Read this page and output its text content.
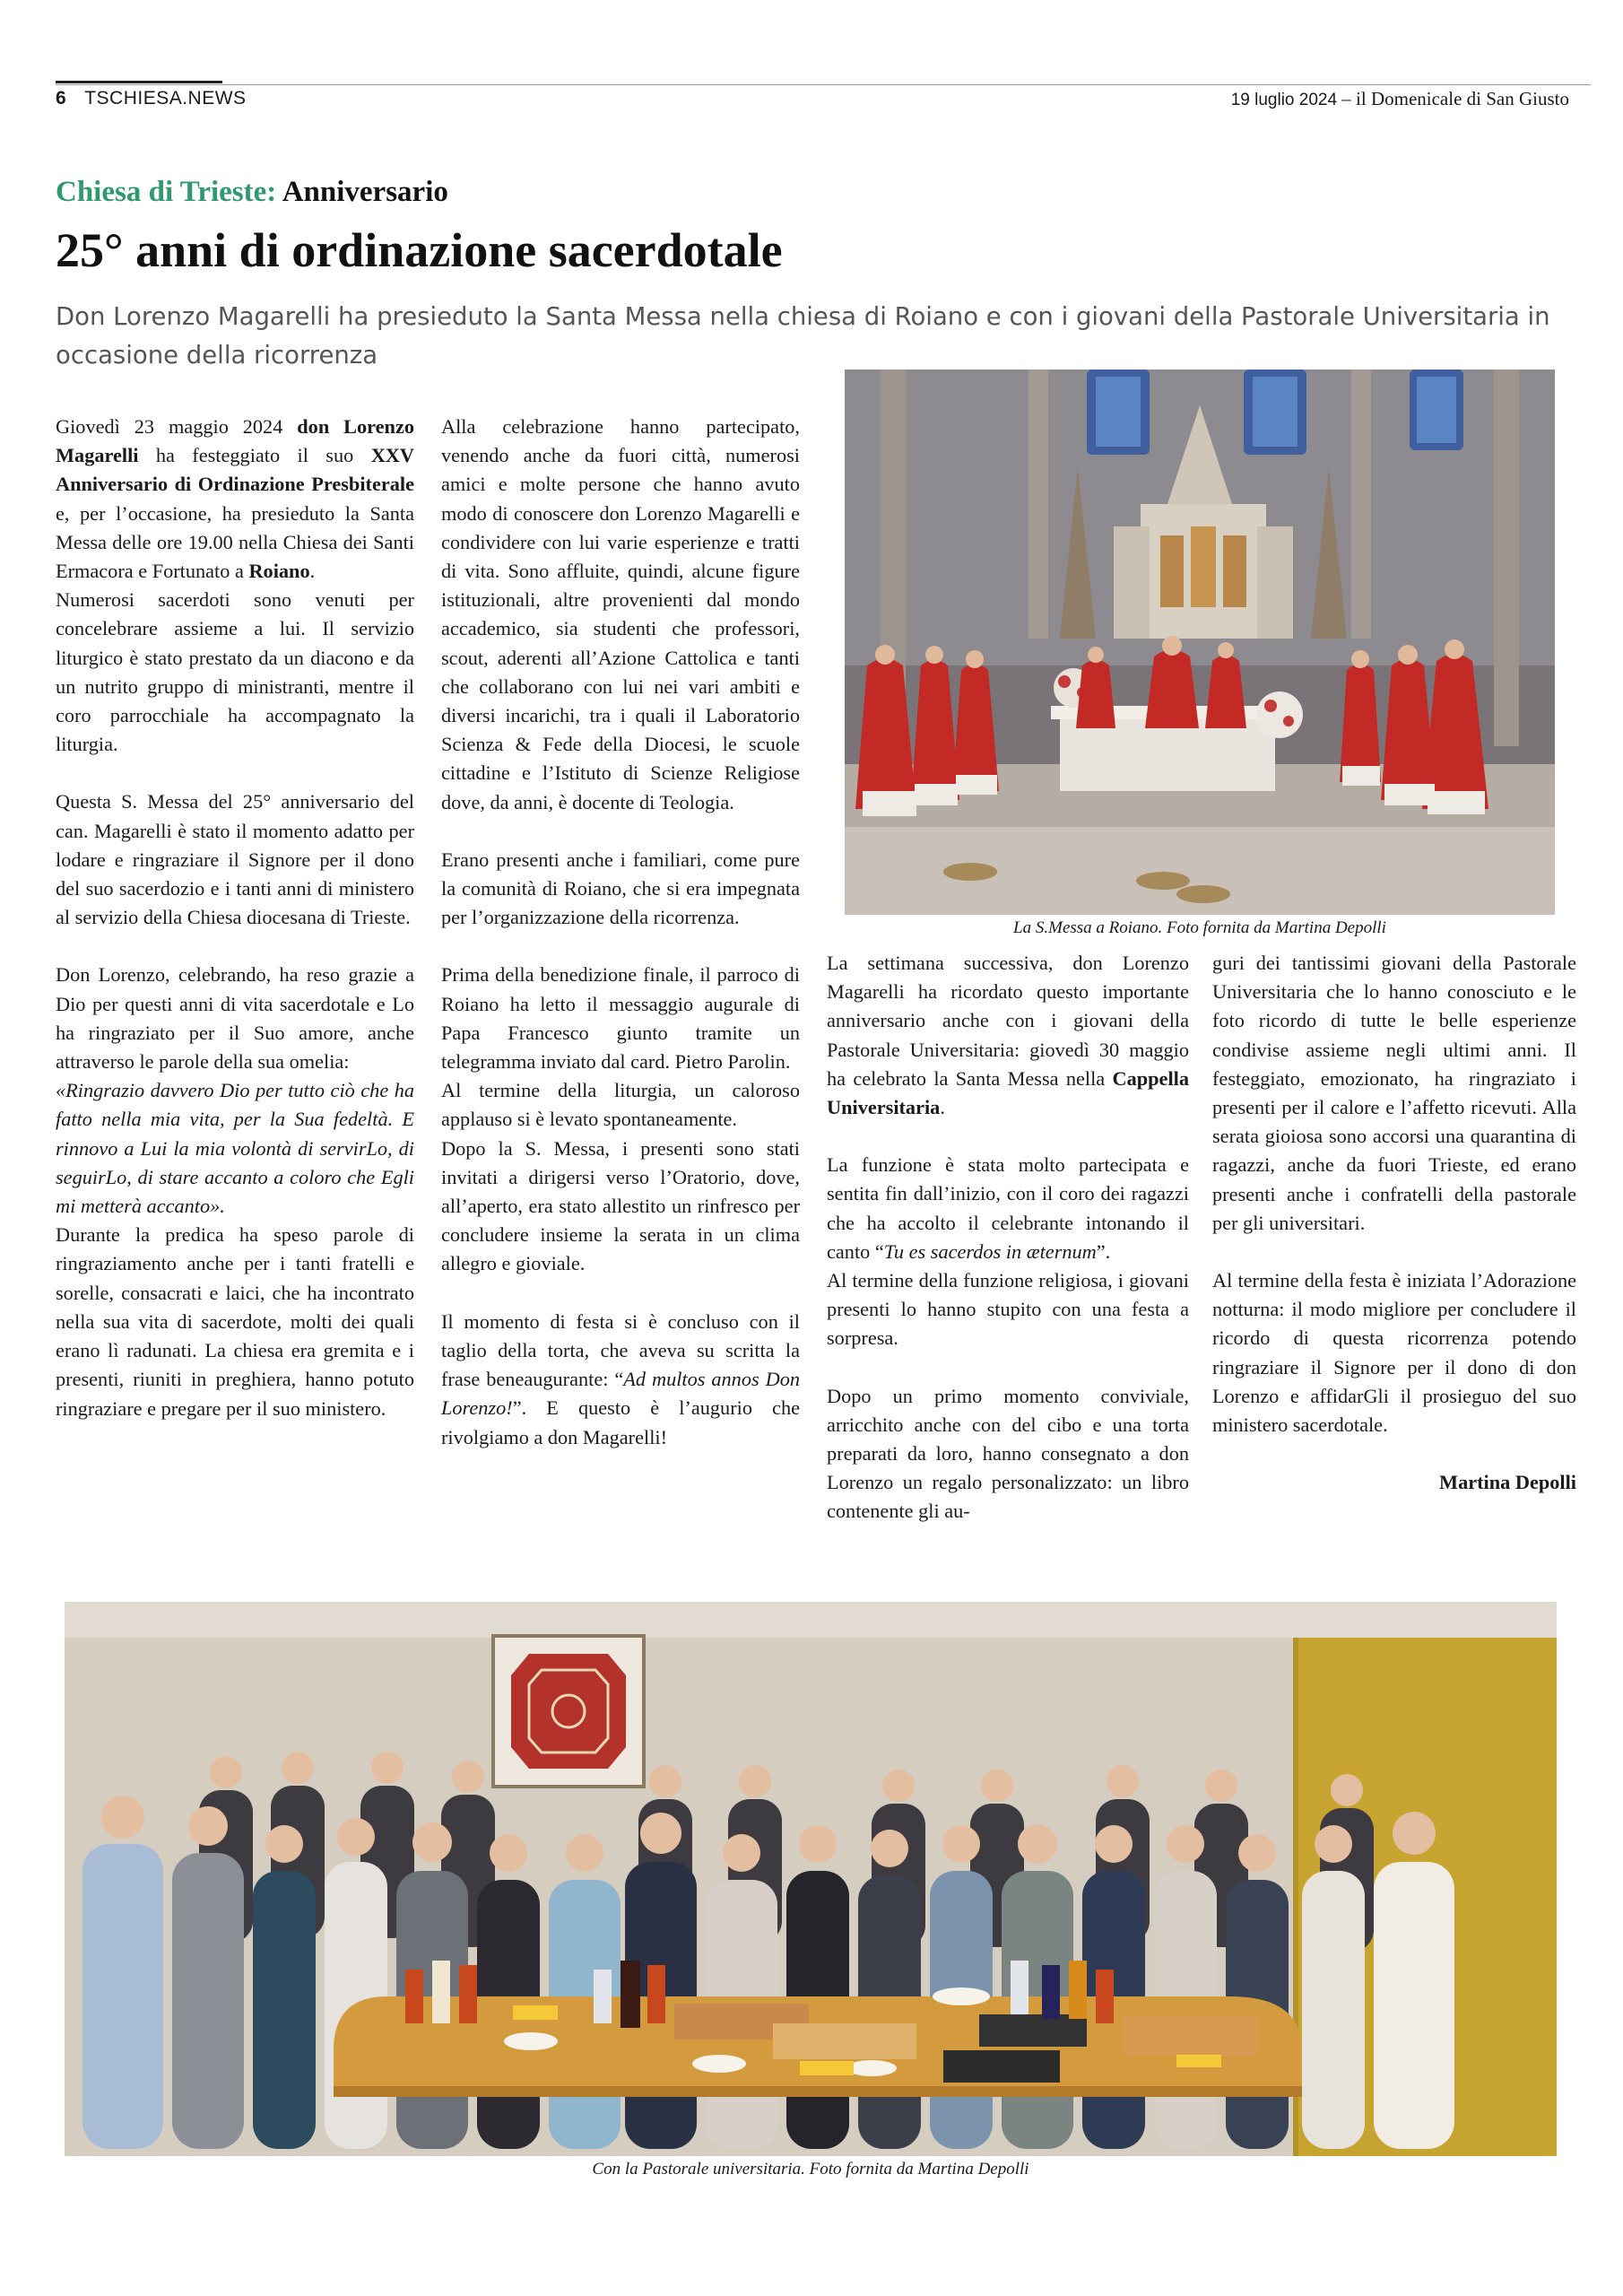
6 TSCHIESA.NEWS	19 luglio 2024 – il Domenicale di San Giusto
Chiesa di Trieste: Anniversario
25° anni di ordinazione sacerdotale
Don Lorenzo Magarelli ha presieduto la Santa Messa nella chiesa di Roiano e con i giovani della Pastorale Universitaria in occasione della ricorrenza

Giovedì 23 maggio 2024 don Lorenzo Magarelli ha festeggiato il suo XXV Anniversario di Ordinazione Presbiterale e, per l’occasione, ha presieduto la Santa Messa delle ore 19.00 nella Chiesa dei Santi Ermacora e Fortunato a Roiano.

Numerosi sacerdoti sono venuti per concelebrare assieme a lui. Il servizio liturgico è stato prestato da un diacono e da un nutrito gruppo di ministranti, mentre il coro parrocchiale ha accompagnato la liturgia.

Questa S. Messa del 25° anniversario del can. Magarelli è stato il momento adatto per lodare e ringraziare il Signore per il dono del suo sacerdozio e i tanti anni di ministero al servizio della Chiesa diocesana di Trieste.

Don Lorenzo, celebrando, ha reso grazie a Dio per questi anni di vita sacerdotale e Lo ha ringraziato per il Suo amore, anche attraverso le parole della sua omelia:

«Ringrazio davvero Dio per tutto ciò che ha fatto nella mia vita, per la Sua fedeltà. E rinnovo a Lui la mia volontà di servirLo, di seguirLo, di stare accanto a coloro che Egli mi metterà accanto».

Durante la predica ha speso parole di ringraziamento anche per i tanti fratelli e sorelle, consacrati e laici, che ha incontrato nella sua vita di sacerdote, molti dei quali erano lì radunati. La chiesa era gremita e i presenti, riuniti in preghiera, hanno potuto ringraziare e pregare per il suo ministero.

Alla celebrazione hanno partecipato, venendo anche da fuori città, numerosi amici e molte persone che hanno avuto modo di conoscere don Lorenzo Magarelli e condividere con lui varie esperienze e tratti di vita. Sono affluite, quindi, alcune figure istituzionali, altre provenienti dal mondo accademico, sia studenti che professori, scout, aderenti all’Azione Cattolica e tanti che collaborano con lui nei vari ambiti e diversi incarichi, tra i quali il Laboratorio Scienza & Fede della Diocesi, le scuole cittadine e l’Istituto di Scienze Religiose dove, da anni, è docente di Teologia.

Erano presenti anche i familiari, come pure la comunità di Roiano, che si era impegnata per l’organizzazione della ricorrenza.

Prima della benedizione finale, il parroco di Roiano ha letto il messaggio augurale di Papa Francesco giunto tramite un telegramma inviato dal card. Pietro Parolin.

Al termine della liturgia, un caloroso applauso si è levato spontaneamente.

Dopo la S. Messa, i presenti sono stati invitati a dirigersi verso l’Oratorio, dove, all’aperto, era stato allestito un rinfresco per concludere insieme la serata in un clima allegro e gioviale.

Il momento di festa si è concluso con il taglio della torta, che aveva su scritta la frase beneaugurante: “Ad multos annos Don Lorenzo!”. E questo è l’augurio che rivolgiamo a don Magarelli!

La settimana successiva, don Lorenzo Magarelli ha ricordato questo importante anniversario anche con i giovani della Pastorale Universitaria: giovedì 30 maggio ha celebrato la Santa Messa nella Cappella Universitaria.

La funzione è stata molto partecipata e sentita fin dall’inizio, con il coro dei ragazzi che ha accolto il celebrante intonando il canto “Tu es sacerdos in æternum”.

Al termine della funzione religiosa, i giovani presenti lo hanno stupito con una festa a sorpresa.

Dopo un primo momento conviviale, arricchito anche con del cibo e una torta preparati da loro, hanno consegnato a don Lorenzo un regalo personalizzato: un libro contenente gli au-

guri dei tantissimi giovani della Pastorale Universitaria che lo hanno conosciuto e le foto ricordo di tutte le belle esperienze condivise assieme negli ultimi anni. Il festeggiato, emozionato, ha ringraziato i presenti per il calore e l’affetto ricevuti. Alla serata gioiosa sono accorsi una quarantina di ragazzi, anche da fuori Trieste, ed erano presenti anche i confratelli della pastorale per gli universitari.

Al termine della festa è iniziata l’Adorazione notturna: il modo migliore per concludere il ricordo di questa ricorrenza potendo ringraziare il Signore per il dono di don Lorenzo e affidarGli il prosieguo del suo ministero sacerdotale.

Martina Depolli

La S.Messa a Roiano. Foto fornita da Martina Depolli
Con la Pastorale universitaria. Foto fornita da Martina Depolli
